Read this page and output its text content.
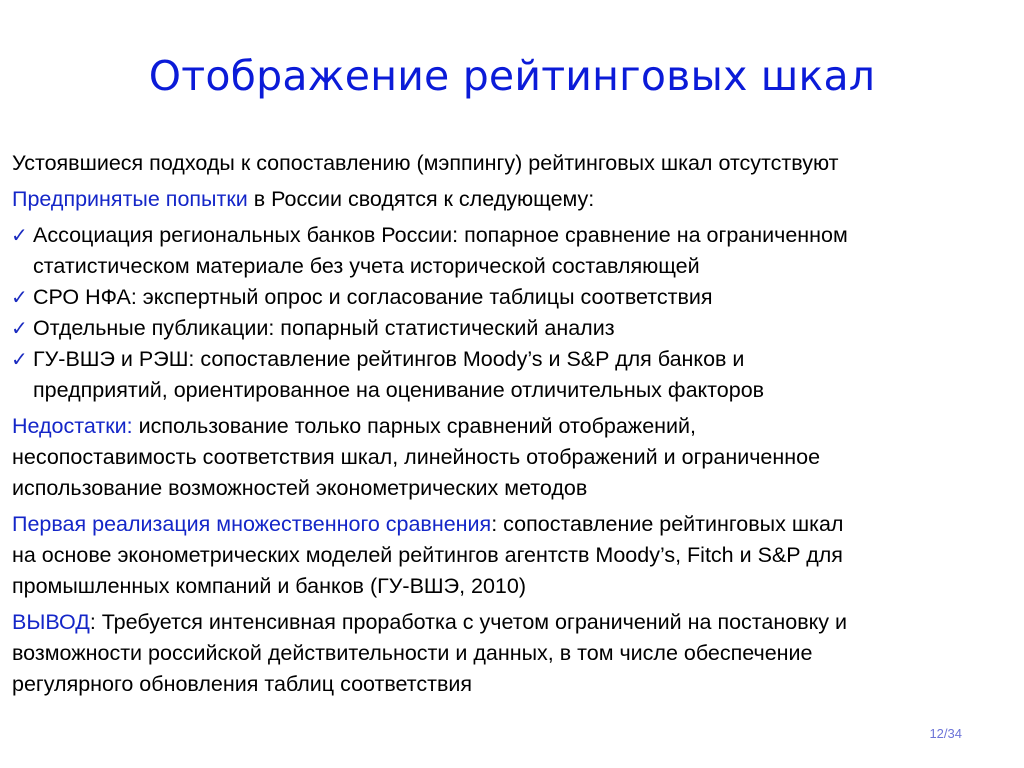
Отображение рейтинговых шкал
Устоявшиеся подходы к сопоставлению (мэппингу) рейтинговых шкал отсутствуют
Предпринятые попытки в России сводятся к следующему:
✓ Ассоциация региональных банков России: попарное сравнение на ограниченном
статистическом материале без учета исторической составляющей
✓ СРО НФА: экспертный опрос и согласование таблицы соответствия
✓ Отдельные публикации: попарный статистический анализ
✓ ГУ-ВШЭ и РЭШ: сопоставление рейтингов Moody’s и S&P для банков и
предприятий, ориентированное на оценивание отличительных факторов
Недостатки: использование только парных сравнений отображений,
несопоставимость соответствия шкал, линейность отображений и ограниченное
использование возможностей эконометрических методов
Первая реализация множественного сравнения: сопоставление рейтинговых шкал
на основе эконометрических моделей рейтингов агентств Moody’s, Fitch и S&P для
промышленных компаний и банков (ГУ-ВШЭ, 2010)
ВЫВОД: Требуется интенсивная проработка с учетом ограничений на постановку и
возможности российской действительности и данных, в том числе обеспечение
регулярного обновления таблиц соответствия
12/34
